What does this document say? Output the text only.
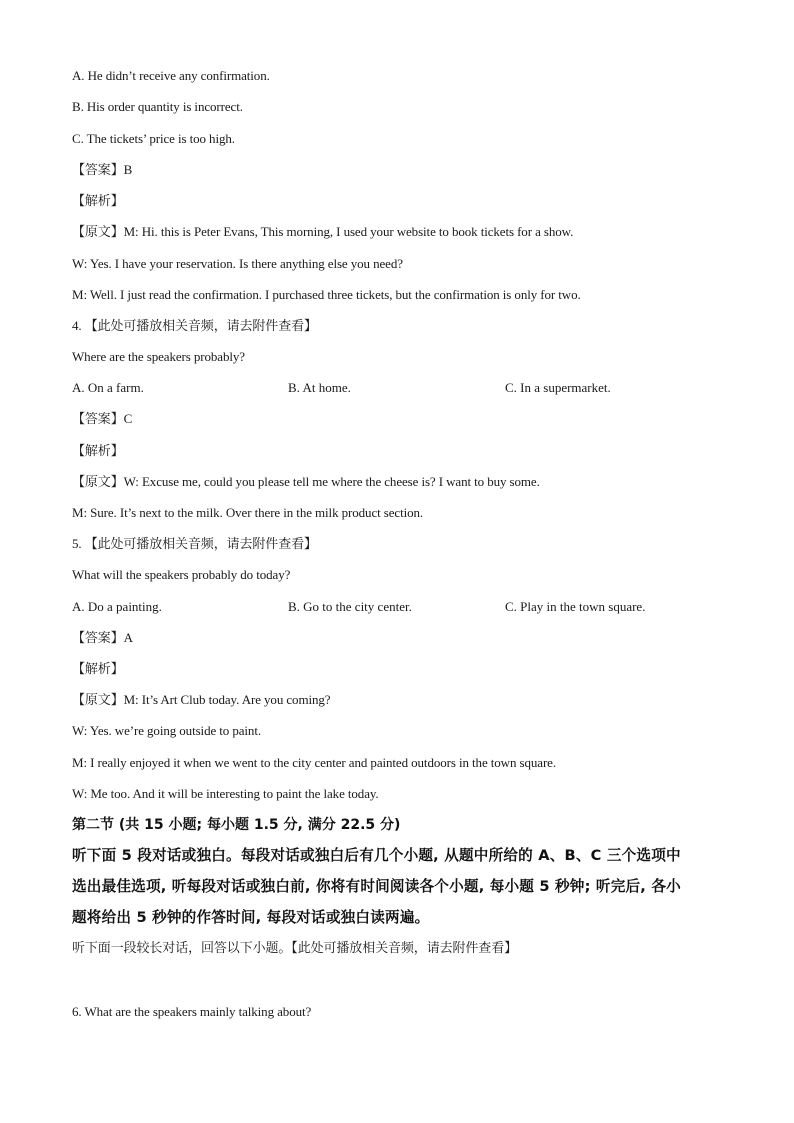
A. He didn’t receive any confirmation.
B. His order quantity is incorrect.
C. The tickets’ price is too high.
【答案】B
【解析】
【原文】M: Hi. this is Peter Evans, This morning, I used your website to book tickets for a show.
W: Yes. I have your reservation. Is there anything else you need?
M: Well. I just read the confirmation. I purchased three tickets, but the confirmation is only for two.
4. 【此处可播放相关音频，请去附件查看】
Where are the speakers probably?
A. On a farm.	B. At home.	C. In a supermarket.
【答案】C
【解析】
【原文】W: Excuse me, could you please tell me where the cheese is? I want to buy some.
M: Sure. It’s next to the milk. Over there in the milk product section.
5. 【此处可播放相关音频，请去附件查看】
What will the speakers probably do today?
A. Do a painting.	B. Go to the city center.	C. Play in the town square.
【答案】A
【解析】
【原文】M: It’s Art Club today. Are you coming?
W: Yes. we’re going outside to paint.
M: I really enjoyed it when we went to the city center and painted outdoors in the town square.
W: Me too. And it will be interesting to paint the lake today.
第二节 (共 15 小题; 每小题 1.5 分, 满分 22.5 分)
听下面 5 段对话或独白。每段对话或独白后有几个小题, 从题中所给的 A、B、C 三个选项中
选出最佳选项, 听每段对话或独白前, 你将有时间阅读各个小题, 每小题 5 秒钟; 听完后, 各小
题将给出 5 秒钟的作答时间, 每段对话或独白读两遍。
听下面一段较长对话，回答以下小题。【此处可播放相关音频，请去附件查看】
6. What are the speakers mainly talking about?
